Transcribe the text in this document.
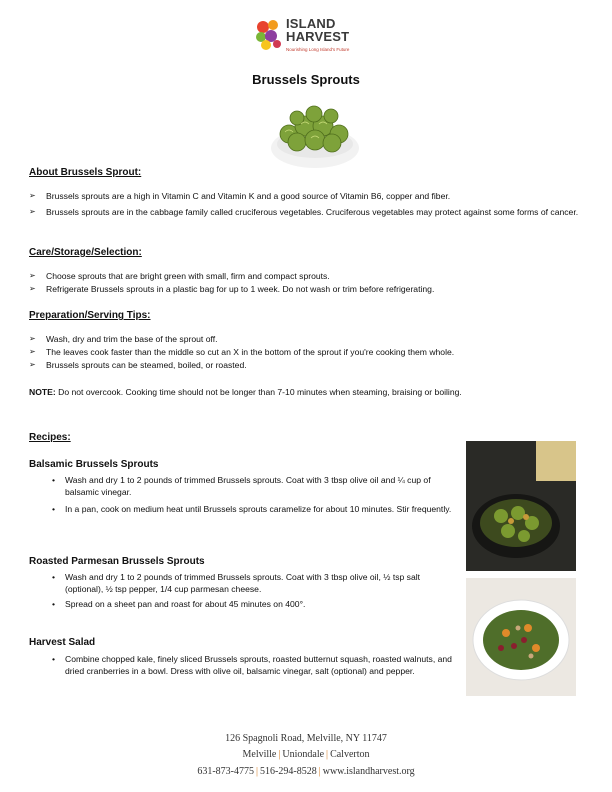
ISLAND
HARVEST
Nourishing Long Island's Future
Brussels Sprouts
About Brussels Sprout:
➢ Brussels sprouts are a high in Vitamin C and Vitamin K and a good source of Vitamin B6, copper and fiber.
➢ Brussels sprouts are in the cabbage family called cruciferous vegetables. Cruciferous vegetables may protect against some forms of cancer.
Care/Storage/Selection:
➢ Choose sprouts that are bright green with small, firm and compact sprouts.
➢ Refrigerate Brussels sprouts in a plastic bag for up to 1 week. Do not wash or trim before refrigerating.
Preparation/Serving Tips:
➢ Wash, dry and trim the base of the sprout off.
➢ The leaves cook faster than the middle so cut an X in the bottom of the sprout if you're cooking them whole.
➢ Brussels sprouts can be steamed, boiled, or roasted.
NOTE: Do not overcook. Cooking time should not be longer than 7-10 minutes when steaming, braising or boiling.
Recipes:
Balsamic Brussels Sprouts
• Wash and dry 1 to 2 pounds of trimmed Brussels sprouts. Coat with 3 tbsp olive oil and ¼ cup of balsamic vinegar.
• In a pan, cook on medium heat until Brussels sprouts caramelize for about 10 minutes. Stir frequently.
Roasted Parmesan Brussels Sprouts
• Wash and dry 1 to 2 pounds of trimmed Brussels sprouts. Coat with 3 tbsp olive oil, ½ tsp salt (optional), ½ tsp pepper, 1/4 cup parmesan cheese.
• Spread on a sheet pan and roast for about 45 minutes on 400°.
Harvest Salad
• Combine chopped kale, finely sliced Brussels sprouts, roasted butternut squash, roasted walnuts, and dried cranberries in a bowl. Dress with olive oil, balsamic vinegar, salt (optional) and pepper.
126 Spagnoli Road, Melville, NY 11747
Melville | Uniondale | Calverton
631-873-4775 | 516-294-8528 | www.islandharvest.org
